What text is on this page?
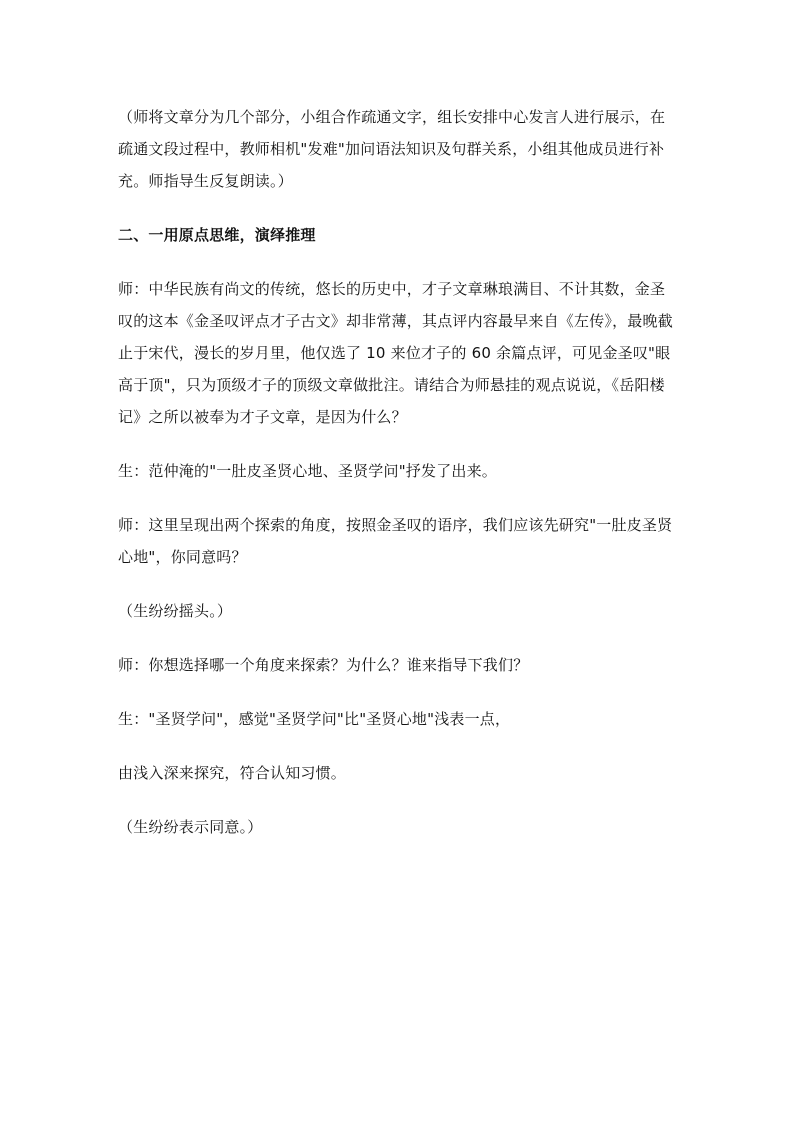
（师将文章分为几个部分，小组合作疏通文字，组长安排中心发言人进行展示，在疏通文段过程中，教师相机"发难"加问语法知识及句群关系，小组其他成员进行补充。师指导生反复朗读。）

二、一用原点思维，演绎推理

师：中华民族有尚文的传统，悠长的历史中，才子文章琳琅满目、不计其数，金圣叹的这本《金圣叹评点才子古文》却非常薄，其点评内容最早来自《左传》，最晚截止于宋代，漫长的岁月里，他仅选了 10 来位才子的 60 余篇点评，可见金圣叹"眼高于顶"，只为顶级才子的顶级文章做批注。请结合为师悬挂的观点说说，《岳阳楼记》之所以被奉为才子文章，是因为什么？

生：范仲淹的"一肚皮圣贤心地、圣贤学问"抒发了出来。

师：这里呈现出两个探索的角度，按照金圣叹的语序，我们应该先研究"一肚皮圣贤心地"，你同意吗？

（生纷纷摇头。）

师：你想选择哪一个角度来探索？为什么？谁来指导下我们？

生："圣贤学问"，感觉"圣贤学问"比"圣贤心地"浅表一点，

由浅入深来探究，符合认知习惯。

（生纷纷表示同意。）
